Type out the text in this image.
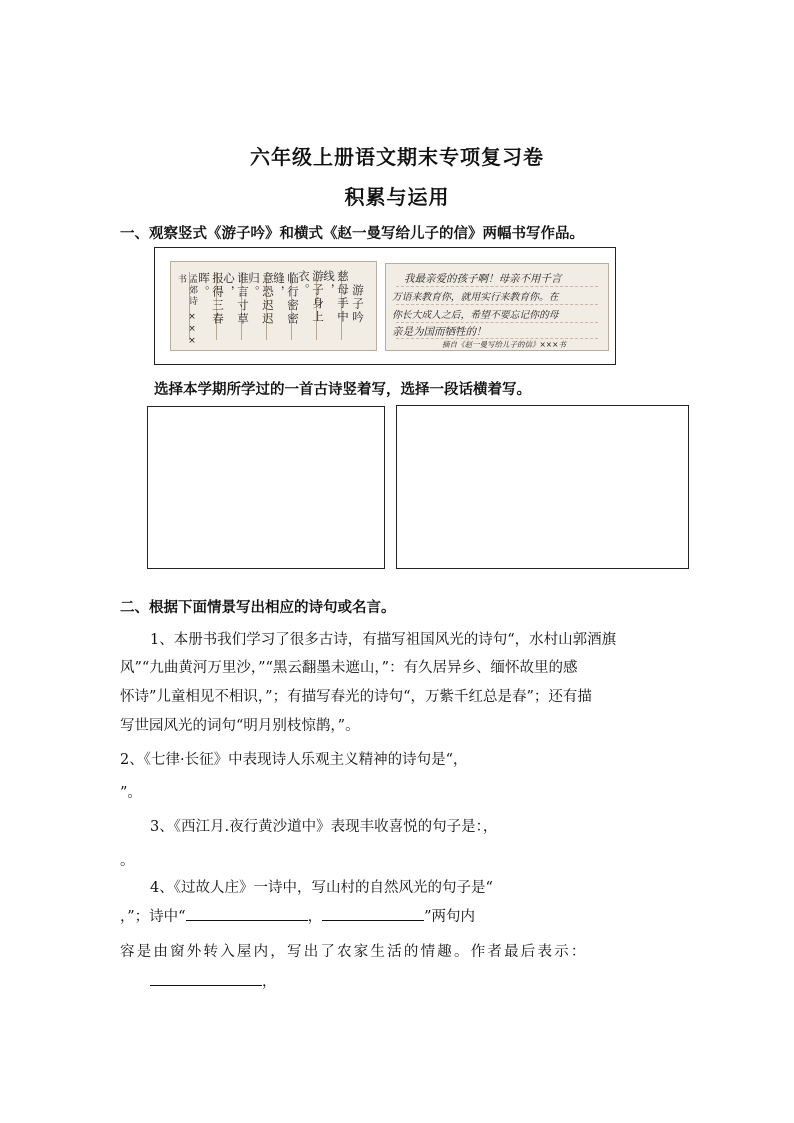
六年级上册语文期末专项复习卷
积累与运用
一、观察竖式《游子吟》和横式《赵一曼写给儿子的信》两幅书写作品。
孟郊诗 ×××书	报得三春晖。	谁言寸草心，	意恐迟迟归。	临行密密缝，	游子身上衣。	慈母手中线，
游子吟
我最亲爱的孩子啊！母亲不用千言
万语来教育你，就用实行来教育你。在
你长大成人之后，希望不要忘记你的母
亲是为国而牺牲的！
摘自《赵一曼写给儿子的信》×××书
选择本学期所学过的一首古诗竖着写，选择一段话横着写。
二、根据下面情景写出相应的诗句或名言。
1、本册书我们学习了很多古诗，有描写祖国风光的诗句“，水村山郭酒旗
风”“九曲黄河万里沙，”“黑云翻墨未遮山，”：有久居异乡、缅怀故里的感
怀诗”儿童相见不相识，”；有描写春光的诗句“，万紫千红总是春”；还有描
写世园风光的词句“明月别枝惊鹊，”。
2、《七律·长征》中表现诗人乐观主义精神的诗句是“，
”。
3、《西江月.夜行黄沙道中》表现丰收喜悦的句子是：，
。
4、《过故人庄》一诗中，写山村的自然风光的句子是“
，”；诗中“	，	”两句内
容是由窗外转入屋内，写出了农家生活的情趣。作者最后表示：
，
